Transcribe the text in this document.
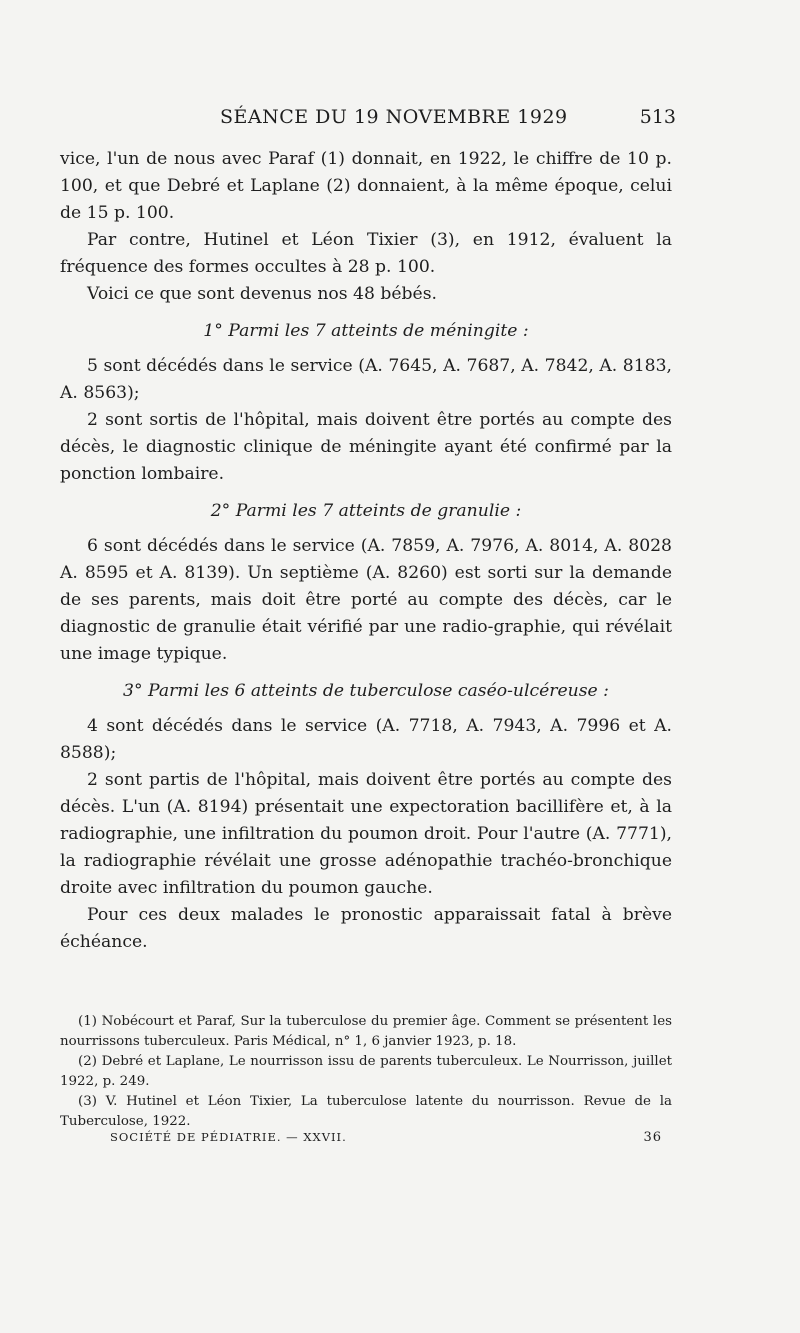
SÉANCE DU 19 NOVEMBRE 1929	513

vice, l'un de nous avec Paraf (1) donnait, en 1922, le chiffre de 10 p. 100, et que Debré et Laplane (2) donnaient, à la même époque, celui de 15 p. 100.

Par contre, Hutinel et Léon Tixier (3), en 1912, évaluent la fréquence des formes occultes à 28 p. 100.

Voici ce que sont devenus nos 48 bébés.

1° Parmi les 7 atteints de méningite :

5 sont décédés dans le service (A. 7645, A. 7687, A. 7842, A. 8183, A. 8563);

2 sont sortis de l'hôpital, mais doivent être portés au compte des décès, le diagnostic clinique de méningite ayant été confirmé par la ponction lombaire.

2° Parmi les 7 atteints de granulie :

6 sont décédés dans le service (A. 7859, A. 7976, A. 8014, A. 8028 A. 8595 et A. 8139). Un septième (A. 8260) est sorti sur la demande de ses parents, mais doit être porté au compte des décès, car le diagnostic de granulie était vérifié par une radio-graphie, qui révélait une image typique.

3° Parmi les 6 atteints de tuberculose caséo-ulcéreuse :

4 sont décédés dans le service (A. 7718, A. 7943, A. 7996 et A. 8588);

2 sont partis de l'hôpital, mais doivent être portés au compte des décès. L'un (A. 8194) présentait une expectoration bacillifère et, à la radiographie, une infiltration du poumon droit. Pour l'autre (A. 7771), la radiographie révélait une grosse adénopathie trachéo-bronchique droite avec infiltration du poumon gauche.

Pour ces deux malades le pronostic apparaissait fatal à brève échéance.

(1) Nobécourt et Paraf, Sur la tuberculose du premier âge. Comment se présentent les nourrissons tuberculeux. Paris Médical, n° 1, 6 janvier 1923, p. 18.

(2) Debré et Laplane, Le nourrisson issu de parents tuberculeux. Le Nourrisson, juillet 1922, p. 249.

(3) V. Hutinel et Léon Tixier, La tuberculose latente du nourrisson. Revue de la Tuberculose, 1922.

SOCIÉTÉ DE PÉDIATRIE. — XXVII.	36
